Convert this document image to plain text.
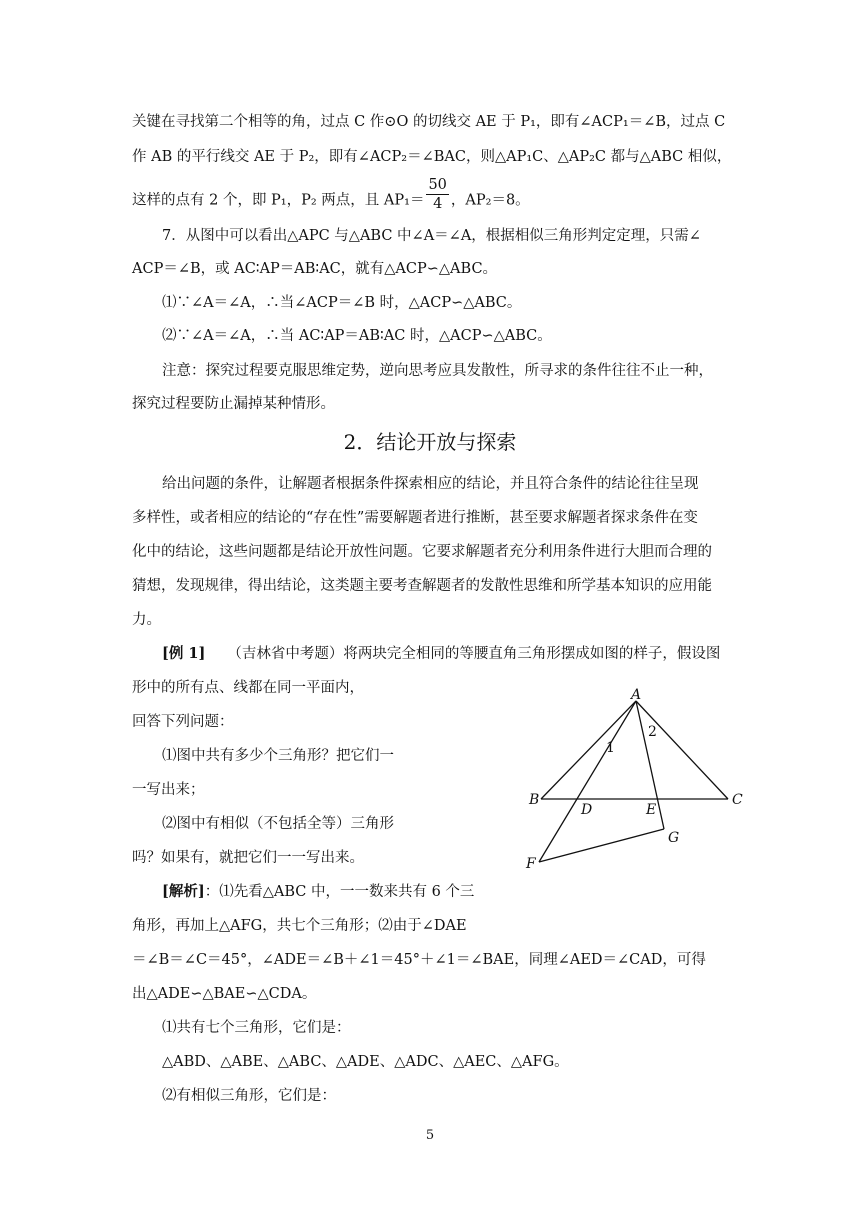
关键在寻找第二个相等的角，过点 C 作⊙O 的切线交 AE 于 P₁，即有∠ACP₁＝∠B，过点 C
作 AB 的平行线交 AE 于 P₂，即有∠ACP₂＝∠BAC，则△AP₁C、△AP₂C 都与△ABC 相似，
这样的点有 2 个，即 P₁，P₂ 两点，且 $AP_1= \frac{50}{4}$ ，AP₂＝8。
7．从图中可以看出△APC 与△ABC 中∠A＝∠A，根据相似三角形判定定理，只需∠
ACP＝∠B，或 AC∶AP＝AB∶AC，就有△ACP∽△ABC。
⑴∵∠A＝∠A，∴当∠ACP＝∠B 时，△ACP∽△ABC。
⑵∵∠A＝∠A，∴当 AC∶AP＝AB∶AC 时，△ACP∽△ABC。
注意：探究过程要克服思维定势，逆向思考应具发散性，所寻求的条件往往不止一种，
探究过程要防止漏掉某种情形。
2．结论开放与探索
给出问题的条件，让解题者根据条件探索相应的结论，并且符合条件的结论往往呈现
多样性，或者相应的结论的“存在性”需要解题者进行推断，甚至要求解题者探求条件在变
化中的结论，这些问题都是结论开放性问题。它要求解题者充分利用条件进行大胆而合理的
猜想，发现规律，得出结论，这类题主要考查解题者的发散性思维和所学基本知识的应用能
力。
[例 1] （吉林省中考题）将两块完全相同的等腰直角三角形摆成如图的样子，假设图
形中的所有点、线都在同一平面内，
回答下列问题：
⑴图中共有多少个三角形？把它们一
一写出来；
⑵图中有相似（不包括全等）三角形
吗？如果有，就把它们一一写出来。
[解析]：⑴先看△ABC 中，一一数来共有 6 个三
角形，再加上△AFG，共七个三角形；⑵由于∠DAE
＝∠B＝∠C＝45°，∠ADE＝∠B＋∠1＝45°＋∠1＝∠BAE，同理∠AED＝∠CAD，可得
出△ADE∽△BAE∽△CDA。
⑴共有七个三角形，它们是：
△ABD、△ABE、△ABC、△ADE、△ADC、△AEC、△AFG。
⑵有相似三角形，它们是：
A
B	C
D	E
F
G
1
2
5
